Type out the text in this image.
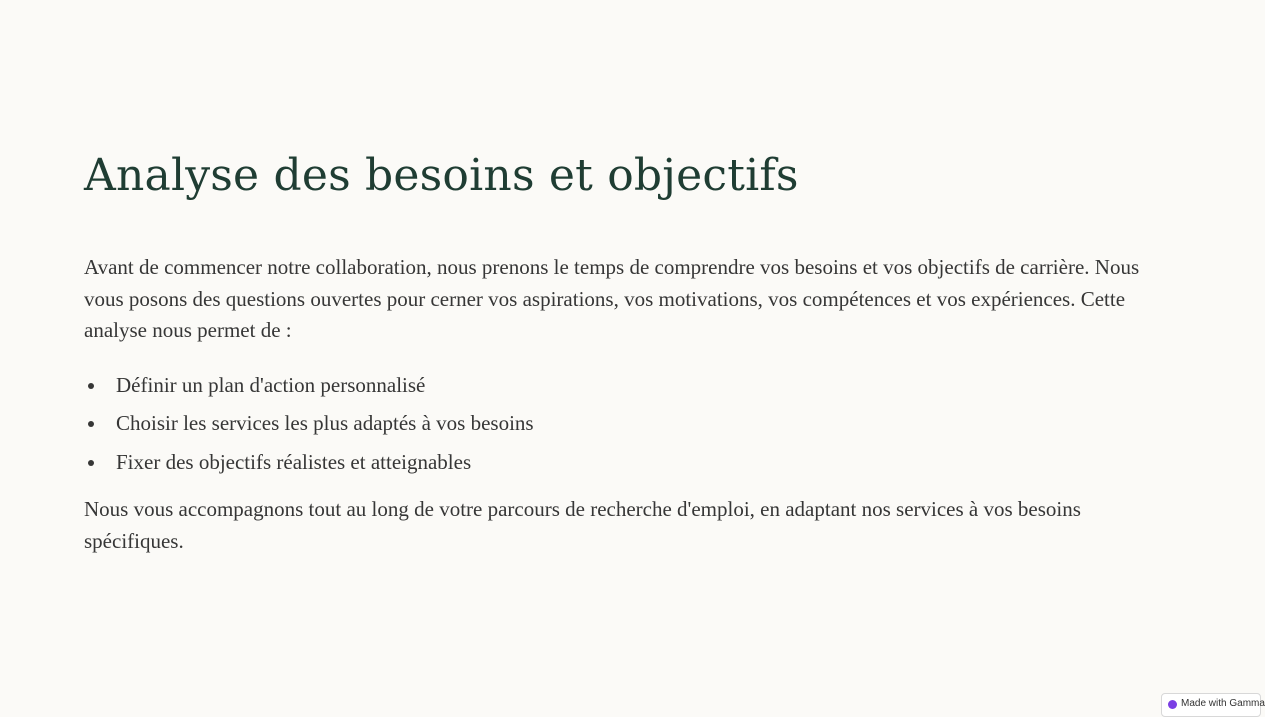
Analyse des besoins et objectifs

Avant de commencer notre collaboration, nous prenons le temps de comprendre vos besoins et vos objectifs de carrière. Nous vous posons des questions ouvertes pour cerner vos aspirations, vos motivations, vos compétences et vos expériences. Cette analyse nous permet de :

Définir un plan d'action personnalisé
Choisir les services les plus adaptés à vos besoins
Fixer des objectifs réalistes et atteignables

Nous vous accompagnons tout au long de votre parcours de recherche d'emploi, en adaptant nos services à vos besoins spécifiques.

Made with Gamma
